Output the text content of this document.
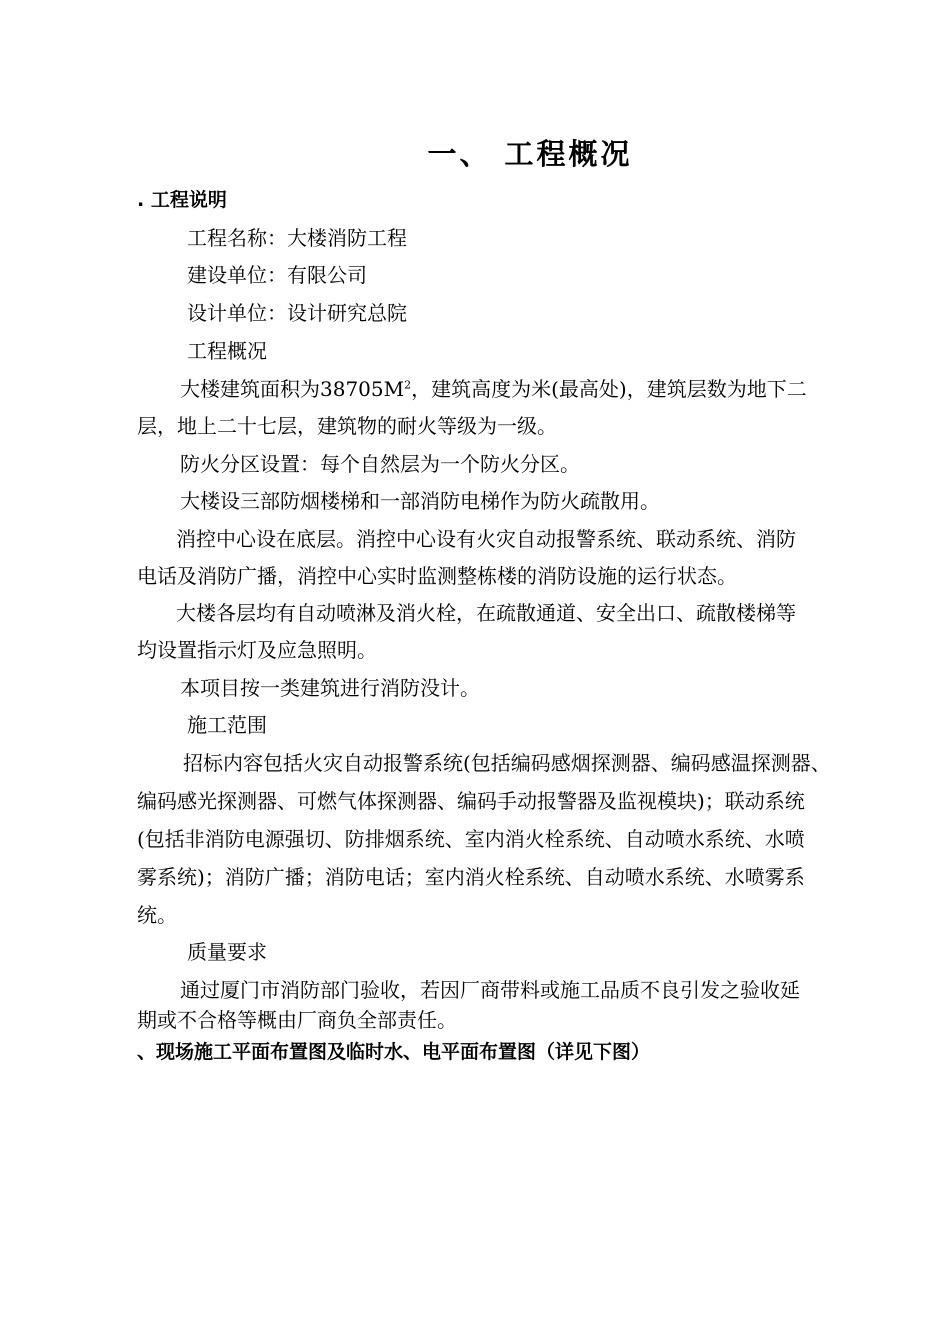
一、 工程概况
. 工程说明
工程名称：大楼消防工程
建设单位：有限公司
设计单位：设计研究总院
工程概况
大楼建筑面积为$38705M^2$，建筑高度为米(最高处)，建筑层数为地下二
层，地上二十七层，建筑物的耐火等级为一级。
防火分区设置：每个自然层为一个防火分区。
大楼设三部防烟楼梯和一部消防电梯作为防火疏散用。
消控中心设在底层。消控中心设有火灾自动报警系统、联动系统、消防
电话及消防广播，消控中心实时监测整栋楼的消防设施的运行状态。
大楼各层均有自动喷淋及消火栓，在疏散通道、安全出口、疏散楼梯等
均设置指示灯及应急照明。
本项目按一类建筑进行消防没计。
施工范围
招标内容包括火灾自动报警系统(包括编码感烟探测器、编码感温探测器、
编码感光探测器、可燃气体探测器、编码手动报警器及监视模块)；联动系统
(包括非消防电源强切、防排烟系统、室内消火栓系统、自动喷水系统、水喷
雾系统)；消防广播；消防电话；室内消火栓系统、自动喷水系统、水喷雾系
统。
质量要求
通过厦门市消防部门验收，若因厂商带料或施工品质不良引发之验收延
期或不合格等概由厂商负全部责任。
、现场施工平面布置图及临时水、电平面布置图（详见下图）
